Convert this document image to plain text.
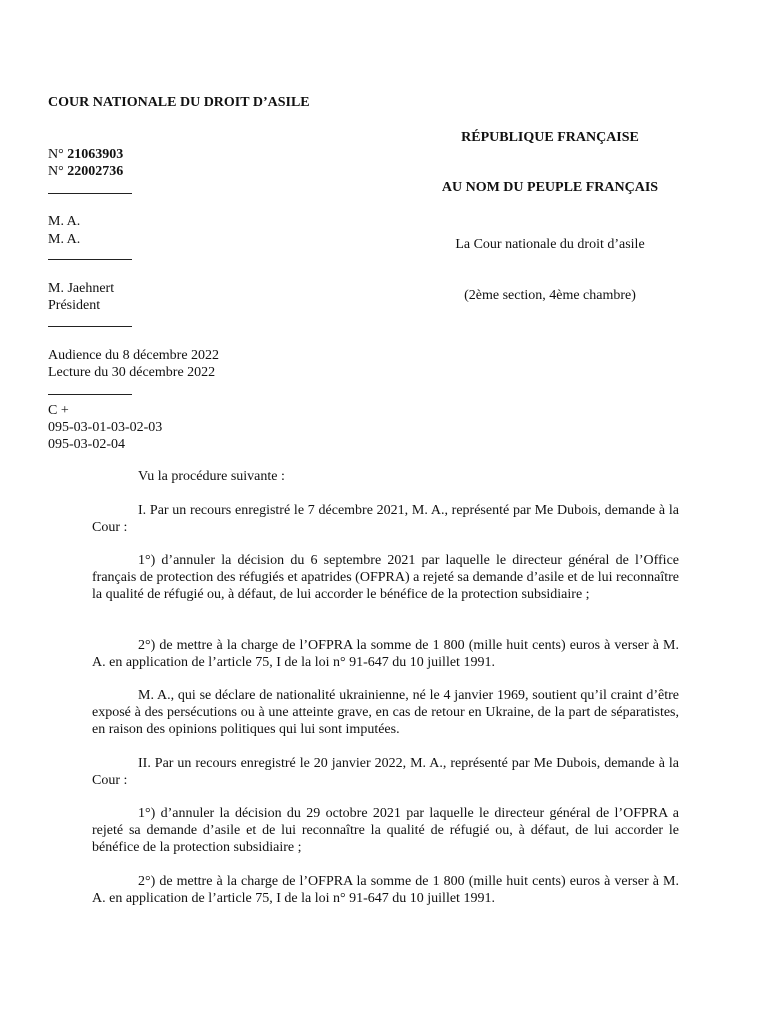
COUR NATIONALE DU DROIT D’ASILE
N° 21063903
N° 22002736
M. A.
M. A.
M. Jaehnert
Président
Audience du 8 décembre 2022
Lecture du 30 décembre 2022
C +
095-03-01-03-02-03
095-03-02-04
RÉPUBLIQUE FRANÇAISE
AU NOM DU PEUPLE FRANÇAIS
La Cour nationale du droit d’asile
(2ème section, 4ème chambre)
Vu la procédure suivante :
I. Par un recours enregistré le 7 décembre 2021, M. A., représenté par Me Dubois, demande à la Cour :
1°) d’annuler la décision du 6 septembre 2021 par laquelle le directeur général de l’Office français de protection des réfugiés et apatrides (OFPRA) a rejeté sa demande d’asile et de lui reconnaître la qualité de réfugié ou, à défaut, de lui accorder le bénéfice de la protection subsidiaire ;
2°) de mettre à la charge de l’OFPRA la somme de 1 800 (mille huit cents) euros à verser à M. A. en application de l’article 75, I de la loi n° 91-647 du 10 juillet 1991.
M. A., qui se déclare de nationalité ukrainienne, né le 4 janvier 1969, soutient qu’il craint d’être exposé à des persécutions ou à une atteinte grave, en cas de retour en Ukraine, de la part de séparatistes, en raison des opinions politiques qui lui sont imputées.
II. Par un recours enregistré le 20 janvier 2022, M. A., représenté par Me Dubois, demande à la Cour :
1°) d’annuler la décision du 29 octobre 2021 par laquelle le directeur général de l’OFPRA a rejeté sa demande d’asile et de lui reconnaître la qualité de réfugié ou, à défaut, de lui accorder le bénéfice de la protection subsidiaire ;
2°) de mettre à la charge de l’OFPRA la somme de 1 800 (mille huit cents) euros à verser à M. A. en application de l’article 75, I de la loi n° 91-647 du 10 juillet 1991.
